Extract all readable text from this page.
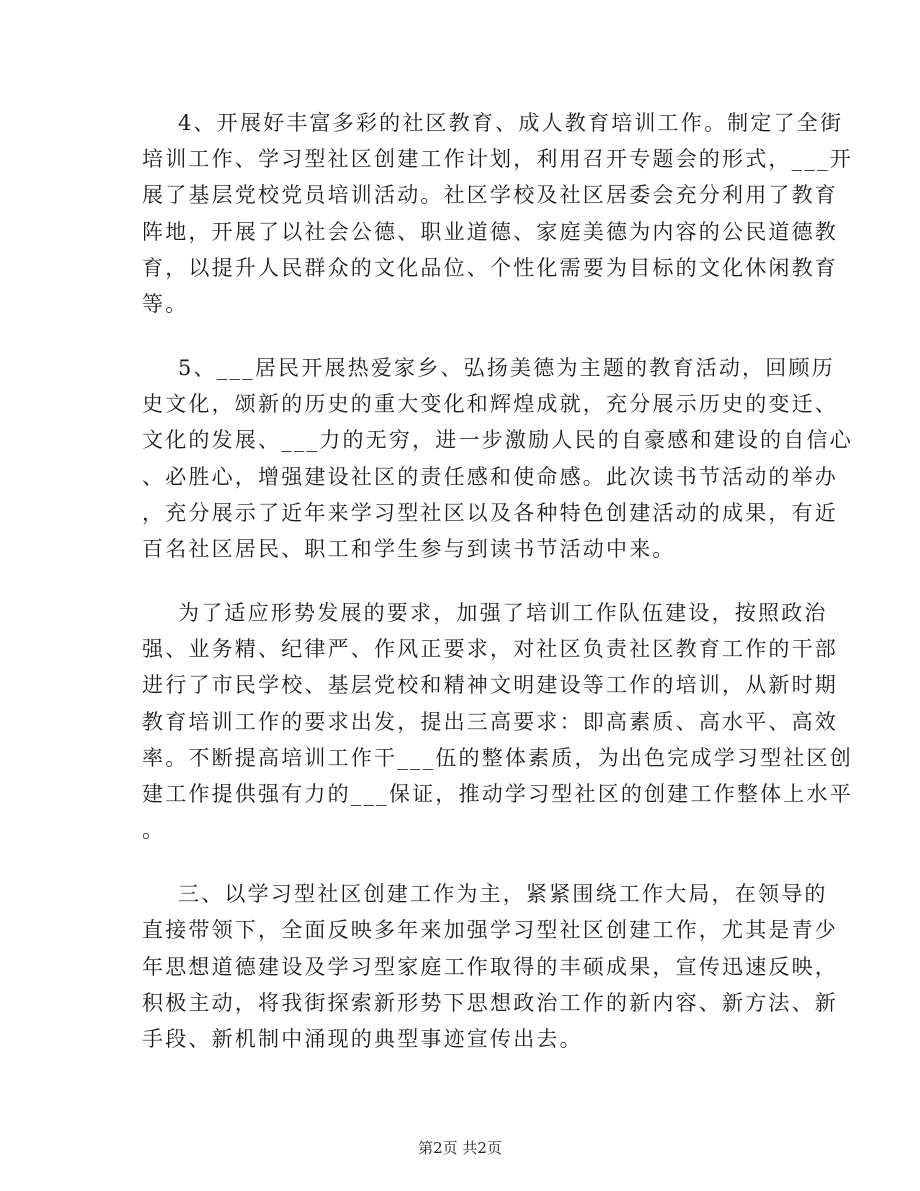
4、开展好丰富多彩的社区教育、成人教育培训工作。制定了全街
培训工作、学习型社区创建工作计划，利用召开专题会的形式，___开
展了基层党校党员培训活动。社区学校及社区居委会充分利用了教育
阵地，开展了以社会公德、职业道德、家庭美德为内容的公民道德教
育，以提升人民群众的文化品位、个性化需要为目标的文化休闲教育
等。
5、___居民开展热爱家乡、弘扬美德为主题的教育活动，回顾历
史文化，颂新的历史的重大变化和辉煌成就，充分展示历史的变迁、
文化的发展、___力的无穷，进一步激励人民的自豪感和建设的自信心
、必胜心，增强建设社区的责任感和使命感。此次读书节活动的举办
，充分展示了近年来学习型社区以及各种特色创建活动的成果，有近
百名社区居民、职工和学生参与到读书节活动中来。
为了适应形势发展的要求，加强了培训工作队伍建设，按照政治
强、业务精、纪律严、作风正要求，对社区负责社区教育工作的干部
进行了市民学校、基层党校和精神文明建设等工作的培训，从新时期
教育培训工作的要求出发，提出三高要求：即高素质、高水平、高效
率。不断提高培训工作干___伍的整体素质，为出色完成学习型社区创
建工作提供强有力的___保证，推动学习型社区的创建工作整体上水平
。
三、以学习型社区创建工作为主，紧紧围绕工作大局，在领导的
直接带领下，全面反映多年来加强学习型社区创建工作，尤其是青少
年思想道德建设及学习型家庭工作取得的丰硕成果，宣传迅速反映，
积极主动，将我街探索新形势下思想政治工作的新内容、新方法、新
手段、新机制中涌现的典型事迹宣传出去。
第2页 共2页
